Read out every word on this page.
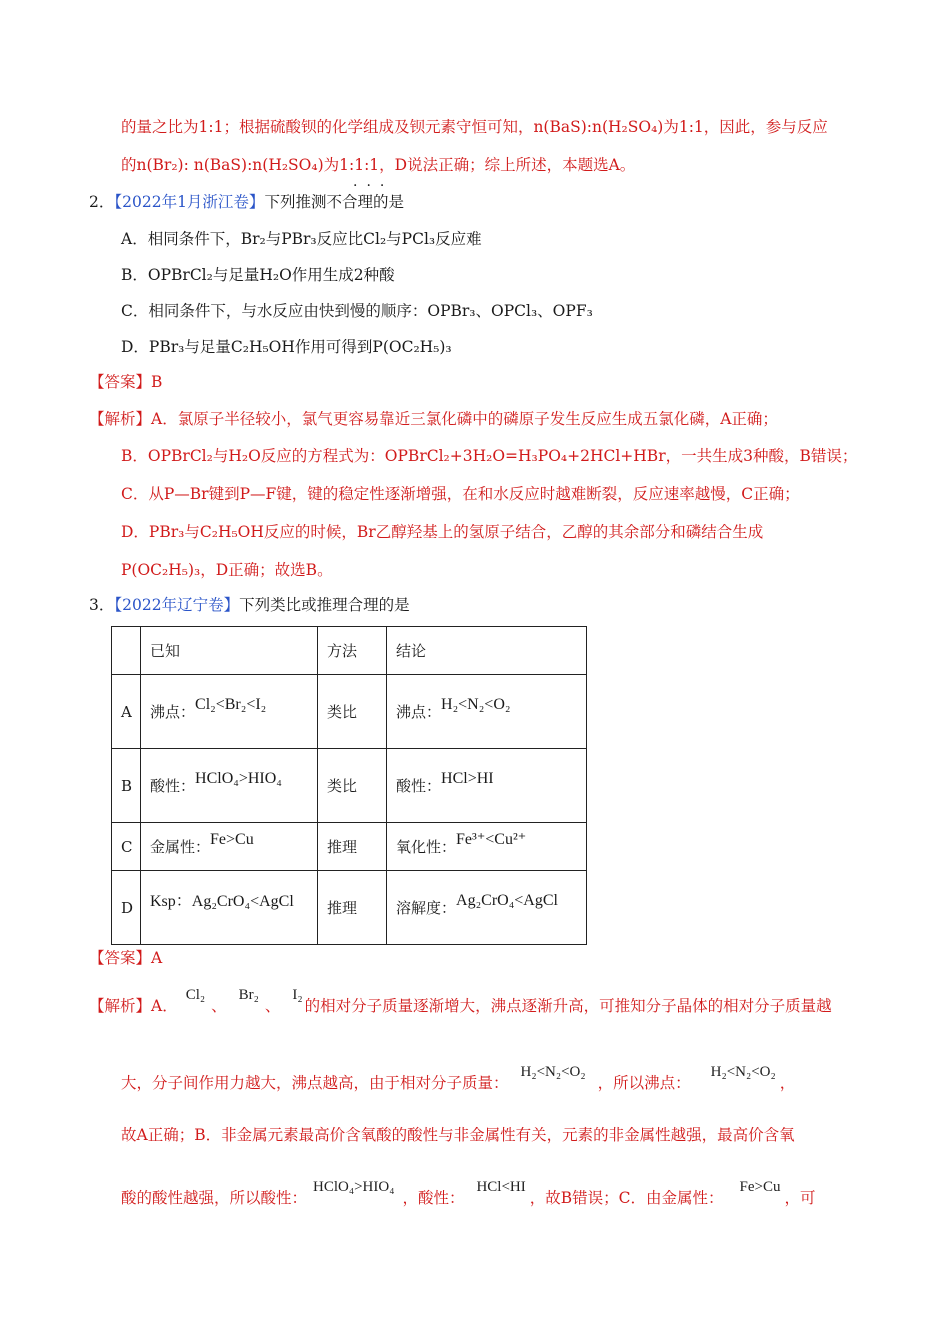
的量之比为1:1；根据硫酸钡的化学组成及钡元素守恒可知，n(BaS):n(H₂SO₄)为1:1，因此，参与反应
的n(Br₂): n(BaS):n(H₂SO₄)为1:1:1，D说法正确；综上所述，本题选A。
2．【2022年1月浙江卷】下列推测不合理的是
···
A．相同条件下，Br₂与PBr₃反应比Cl₂与PCl₃反应难
B．OPBrCl₂与足量H₂O作用生成2种酸
C．相同条件下，与水反应由快到慢的顺序：OPBr₃、OPCl₃、OPF₃
D．PBr₃与足量C₂H₅OH作用可得到P(OC₂H₅)₃
【答案】B
【解析】A．氯原子半径较小，氯气更容易靠近三氯化磷中的磷原子发生反应生成五氯化磷，A正确；
B．OPBrCl₂与H₂O反应的方程式为：OPBrCl₂+3H₂O=H₃PO₄+2HCl+HBr，一共生成3种酸，B错误；
C．从P—Br键到P—F键，键的稳定性逐渐增强，在和水反应时越难断裂，反应速率越慢，C正确；
D．PBr₃与C₂H₅OH反应的时候，Br乙醇羟基上的氢原子结合，乙醇的其余部分和磷结合生成
P(OC₂H₅)₃，D正确；故选B。
3．【2022年辽宁卷】下列类比或推理合理的是
	已知	方法	结论
A	沸点：Cl₂<Br₂<I₂	类比	沸点：H₂<N₂<O₂
B	酸性：HClO₄>HIO₄	类比	酸性：HCl>HI
C	金属性：Fe>Cu	推理	氧化性：Fe³⁺<Cu²⁺
D	Ksp：Ag₂CrO₄<AgCl	推理	溶解度：Ag₂CrO₄<AgCl
【答案】A
【解析】A．Cl₂、Br₂、I₂的相对分子质量逐渐增大，沸点逐渐升高，可推知分子晶体的相对分子质量越
大，分子间作用力越大，沸点越高，由于相对分子质量：H₂<N₂<O₂，所以沸点：H₂<N₂<O₂，
故A正确；B．非金属元素最高价含氧酸的酸性与非金属性有关，元素的非金属性越强，最高价含氧
酸的酸性越强，所以酸性：HClO₄>HIO₄，酸性：HCl<HI，故B错误；C．由金属性：Fe>Cu，可
